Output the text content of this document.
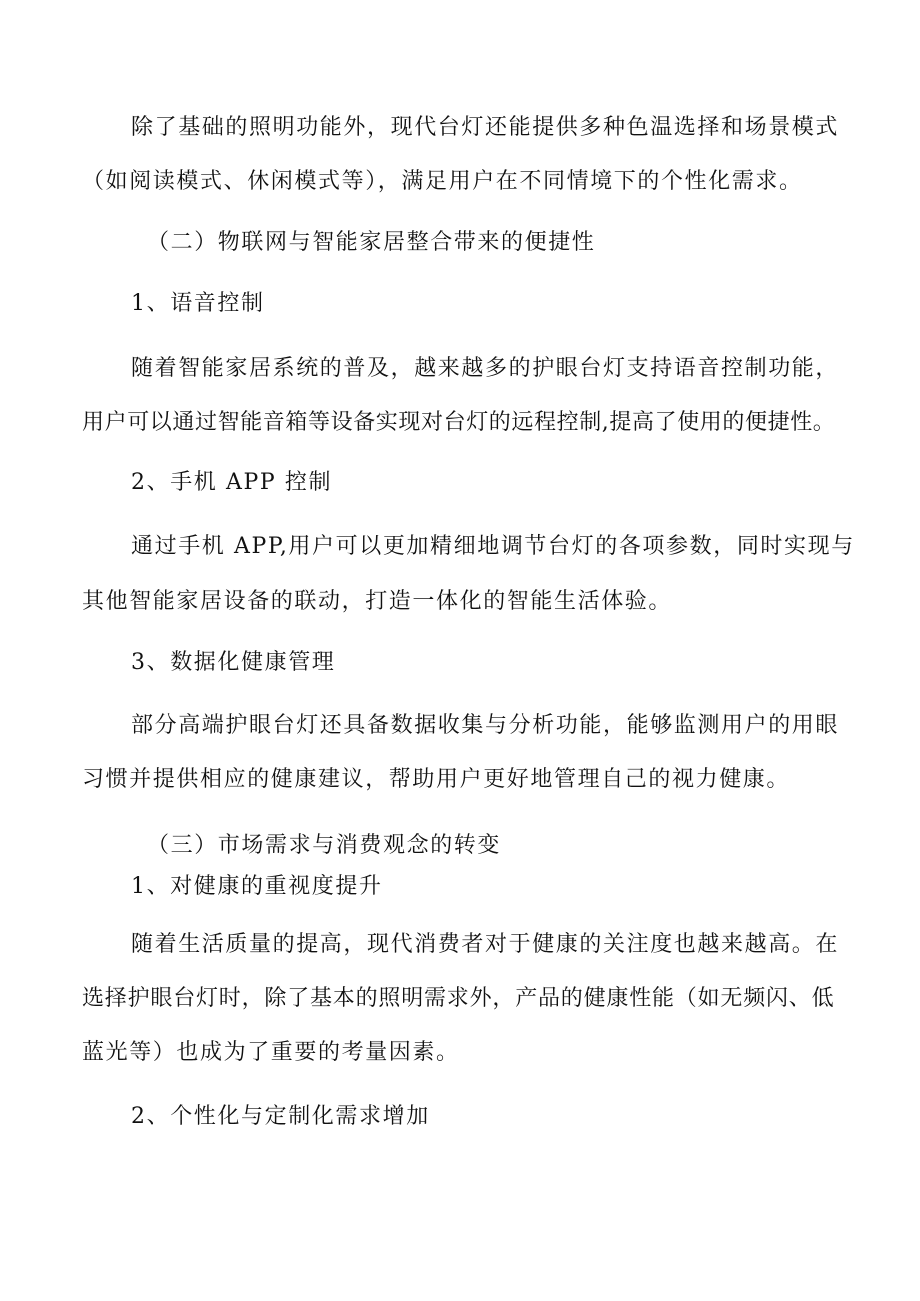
除了基础的照明功能外，现代台灯还能提供多种色温选择和场景模式
（如阅读模式、休闲模式等），满足用户在不同情境下的个性化需求。
（二）物联网与智能家居整合带来的便捷性
1、语音控制
随着智能家居系统的普及，越来越多的护眼台灯支持语音控制功能，
用户可以通过智能音箱等设备实现对台灯的远程控制,提高了使用的便捷性。
2、手机 APP 控制
通过手机 APP,用户可以更加精细地调节台灯的各项参数，同时实现与
其他智能家居设备的联动，打造一体化的智能生活体验。
3、数据化健康管理
部分高端护眼台灯还具备数据收集与分析功能，能够监测用户的用眼
习惯并提供相应的健康建议，帮助用户更好地管理自己的视力健康。
（三）市场需求与消费观念的转变
1、对健康的重视度提升
随着生活质量的提高，现代消费者对于健康的关注度也越来越高。在
选择护眼台灯时，除了基本的照明需求外，产品的健康性能（如无频闪、低
蓝光等）也成为了重要的考量因素。
2、个性化与定制化需求增加
